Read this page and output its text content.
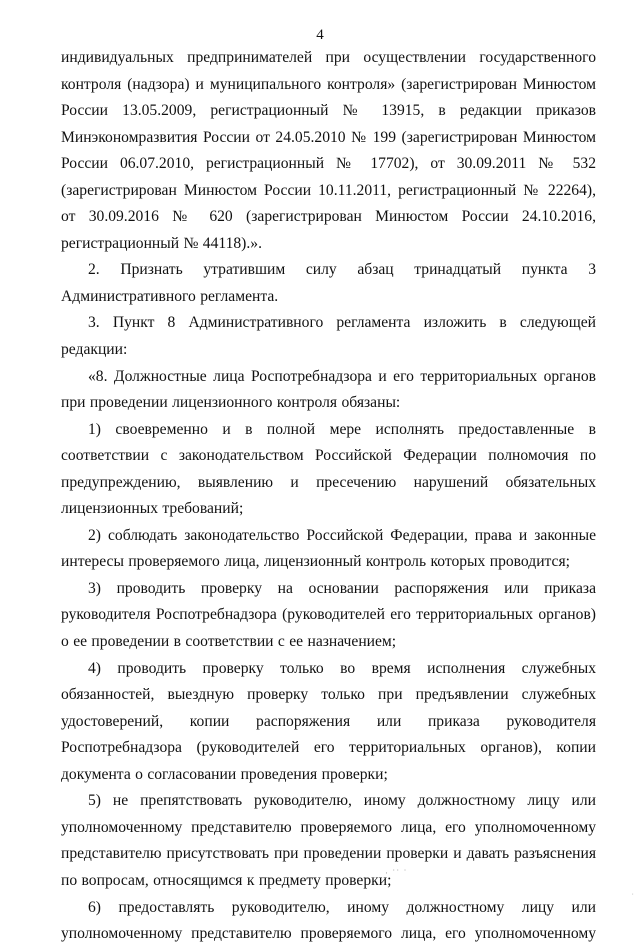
4

индивидуальных предпринимателей при осуществлении государственного контроля (надзора) и муниципального контроля» (зарегистрирован Минюстом России 13.05.2009, регистрационный № 13915, в редакции приказов Минэкономразвития России от 24.05.2010 № 199 (зарегистрирован Минюстом России 06.07.2010, регистрационный № 17702), от 30.09.2011 № 532 (зарегистрирован Минюстом России 10.11.2011, регистрационный № 22264), от 30.09.2016 № 620 (зарегистрирован Минюстом России 24.10.2016, регистрационный № 44118).».

2. Признать утратившим силу абзац тринадцатый пункта 3 Административного регламента.

3. Пункт 8 Административного регламента изложить в следующей редакции:

«8. Должностные лица Роспотребнадзора и его территориальных органов при проведении лицензионного контроля обязаны:

1) своевременно и в полной мере исполнять предоставленные в соответствии с законодательством Российской Федерации полномочия по предупреждению, выявлению и пресечению нарушений обязательных лицензионных требований;

2) соблюдать законодательство Российской Федерации, права и законные интересы проверяемого лица, лицензионный контроль которых проводится;

3) проводить проверку на основании распоряжения или приказа руководителя Роспотребнадзора (руководителей его территориальных органов) о ее проведении в соответствии с ее назначением;

4) проводить проверку только во время исполнения служебных обязанностей, выездную проверку только при предъявлении служебных удостоверений, копии распоряжения или приказа руководителя Роспотребнадзора (руководителей его территориальных органов), копии документа о согласовании проведения проверки;

5) не препятствовать руководителю, иному должностному лицу или уполномоченному представителю проверяемого лица, его уполномоченному представителю присутствовать при проведении проверки и давать разъяснения по вопросам, относящимся к предмету проверки;

6) предоставлять руководителю, иному должностному лицу или уполномоченному представителю проверяемого лица, его уполномоченному

· ˙˙ ˙
˙
